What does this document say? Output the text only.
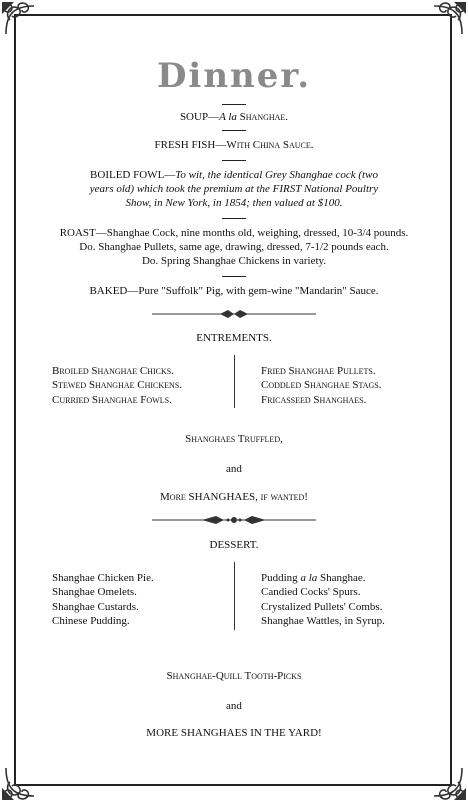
Dinner.
SOUP—A la Shanghae.
FRESH FISH—With China Sauce.
BOILED FOWL—To wit, the identical Grey Shanghae cock (two
years old) which took the premium at the FIRST National Poultry
Show, in New York, in 1854; then valued at $100.
ROAST—Shanghae Cock, nine months old, weighing, dressed, 10-3/4 pounds.
Do. Shanghae Pullets, same age, drawing, dressed, 7-1/2 pounds each.
Do. Spring Shanghae Chickens in variety.
BAKED—Pure "Suffolk" Pig, with gem-wine "Mandarin" Sauce.
ENTREMENTS.
Broiled Shanghae Chicks.
Stewed Shanghae Chickens.
Curried Shanghae Fowls.
Fried Shanghae Pullets.
Coddled Shanghae Stags.
Fricasseed Shanghaes.
Shanghaes Truffled,
and
More SHANGHAES, if wanted!
DESSERT.
Shanghae Chicken Pie.
Shanghae Omelets.
Shanghae Custards.
Chinese Pudding.
Pudding a la Shanghae.
Candied Cocks' Spurs.
Crystalized Pullets' Combs.
Shanghae Wattles, in Syrup.
Shanghae-Quill Tooth-Picks
and
MORE SHANGHAES IN THE YARD!
